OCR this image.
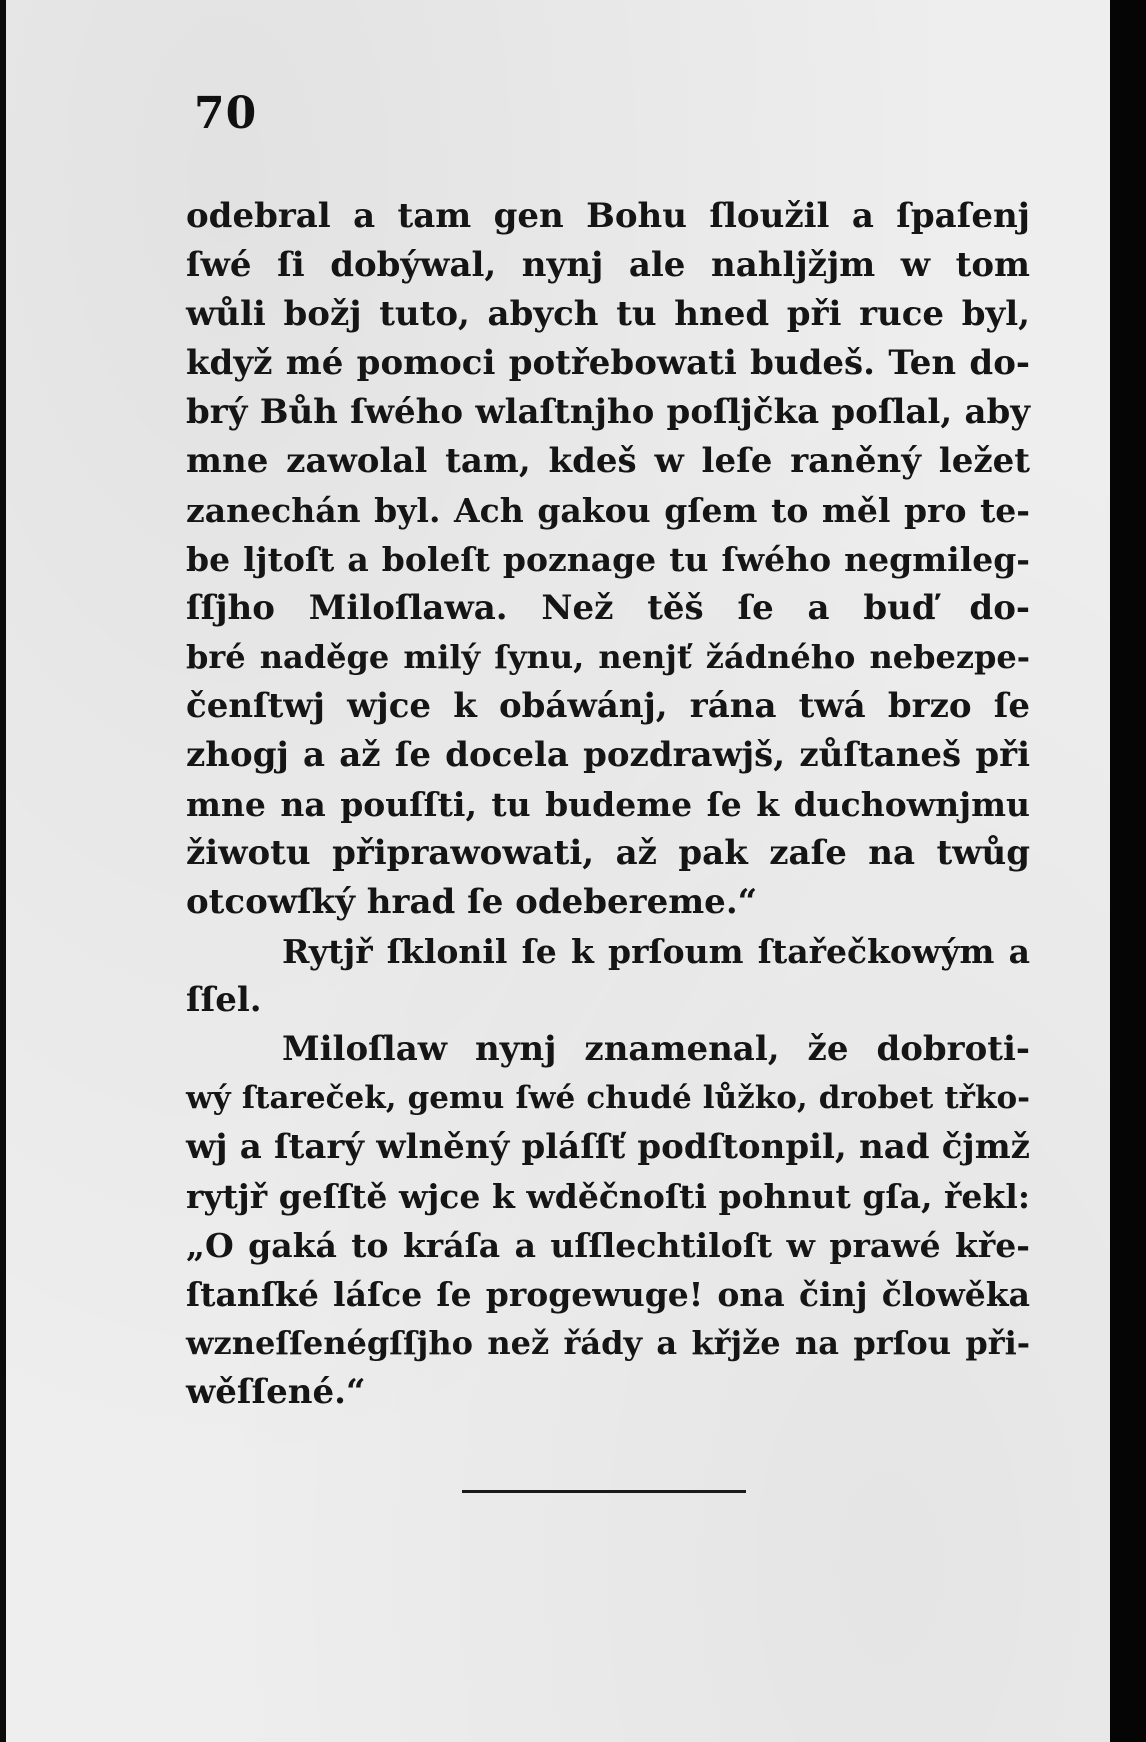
70
odebral a tam gen Bohu ſloužil a ſpaſenj
ſwé ſi dobýwal, nynj ale nahljžjm w tom
wůli božj tuto, abych tu hned při ruce byl,
když mé pomoci potřebowati budeš. Ten do-
brý Bůh ſwého wlaſtnjho poſljčka poſlal, aby
mne zawolal tam, kdeš w leſe raněný ležet
zanechán byl. Ach gakou gſem to měl pro te-
be ljtoſt a boleſt poznage tu ſwého negmileg-
ſſjho Miloſlawa. Než těš ſe a buď do-
bré naděge milý ſynu, nenjť žádného nebezpe-
čenſtwj wjce k obáwánj, rána twá brzo ſe
zhogj a až ſe docela pozdrawjš, zůſtaneš při
mne na pouſſti, tu budeme ſe k duchownjmu
žiwotu připrawowati, až pak zaſe na twůg
otcowſký hrad ſe odebereme.“
Rytjř ſklonil ſe k prſoum ſtařečkowým a
ſſel.
Miloſlaw nynj znamenal, že dobroti-
wý ſtareček, gemu ſwé chudé lůžko, drobet třko-
wj a ſtarý wlněný pláſſť podſtonpil, nad čjmž
rytjř geſſtě wjce k wděčnoſti pohnut gſa, řekl:
„O gaká to kráſa a uſſlechtiloſt w prawé kře-
ſtanſké láſce ſe progewuge! ona činj člowěka
wzneſſenégſſjho než řády a křjže na prſou při-
wěſſené.“
